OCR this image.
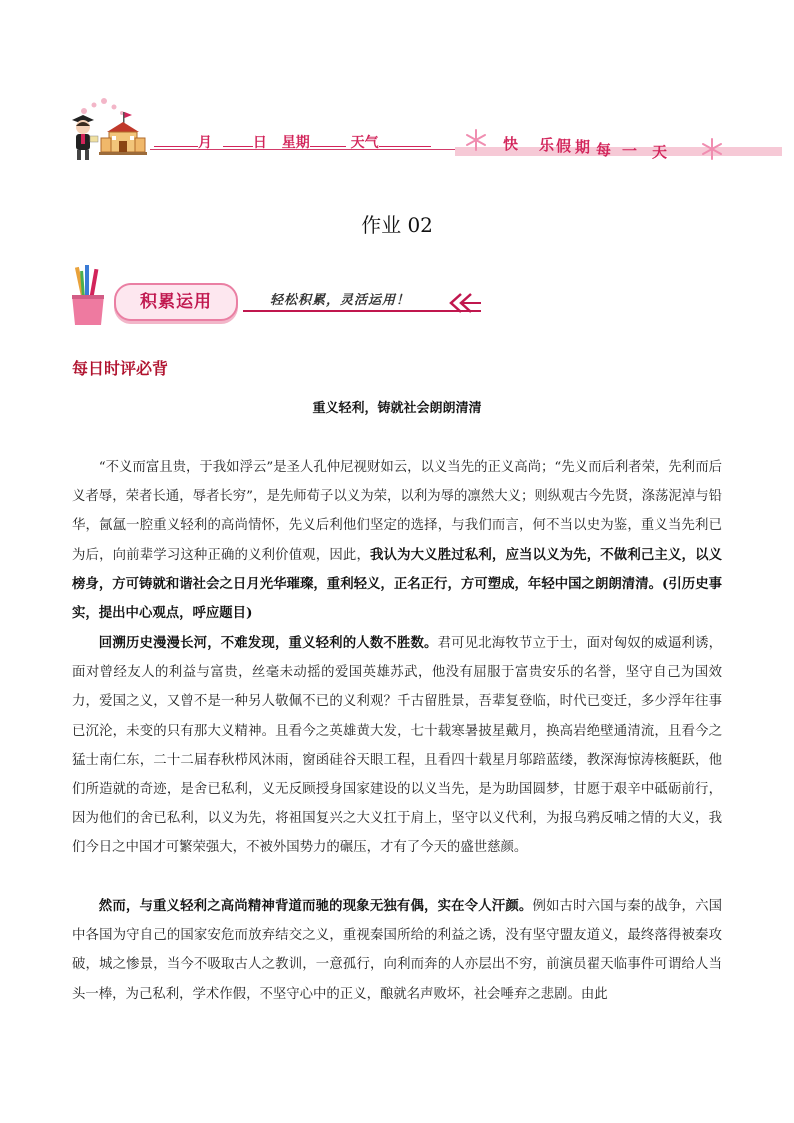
月	日 星期	天气	快 乐 假 期 每 一 天
作业 02
积累运用	轻松积累，灵活运用！
每日时评必背
重义轻利，铸就社会朗朗清清

“不义而富且贵，于我如浮云”是圣人孔仲尼视财如云，以义当先的正义高尚；“先义而后利者荣，先利而后义者辱，荣者长通，辱者长穷”，是先师荀子以义为荣，以利为辱的凛然大义；则纵观古今先贤，涤荡泥淖与铅华，氤氲一腔重义轻利的高尚情怀，先义后利他们坚定的选择，与我们而言，何不当以史为鉴，重义当先利已为后，向前辈学习这种正确的义利价值观，因此，我认为大义胜过私利，应当以义为先，不做利己主义，以义榜身，方可铸就和谐社会之日月光华璀璨，重利轻义，正名正行，方可塑成，年轻中国之朗朗清清。(引历史事实，提出中心观点，呼应题目)

回溯历史漫漫长河，不难发现，重义轻利的人数不胜数。君可见北海牧节立于士，面对匈奴的威逼利诱，面对曾经友人的利益与富贵，丝毫未动摇的爱国英雄苏武，他没有屈服于富贵安乐的名誉，坚守自己为国效力，爱国之义，又曾不是一种另人敬佩不已的义利观？千古留胜景，吾辈复登临，时代已变迁，多少浮年往事已沉沦，未变的只有那大义精神。且看今之英雄黄大发，七十载寒暑披星戴月，换高岩绝壁通清流，且看今之猛士南仁东，二十二届春秋栉风沐雨，窗函硅谷天眼工程，且看四十载星月邬踣蓝缕，教深海惊涛核艇跃，他们所造就的奇迹，是舍已私利，义无反顾授身国家建设的以义当先，是为助国圆梦，甘愿于艰辛中砥砺前行，因为他们的舍已私利，以义为先，将祖国复兴之大义扛于肩上，坚守以义代利，为报乌鸦反哺之情的大义，我们今日之中国才可繁荣强大，不被外国势力的碾压，才有了今天的盛世慈颜。

然而，与重义轻利之高尚精神背道而驰的现象无独有偶，实在令人汗颜。例如古时六国与秦的战争，六国中各国为守自己的国家安危而放弃结交之义，重视秦国所给的利益之诱，没有坚守盟友道义，最终落得被秦攻破，城之惨景，当今不吸取古人之教训，一意孤行，向利而奔的人亦层出不穷，前演员翟天临事件可谓给人当头一棒，为己私利，学术作假，不坚守心中的正义，酿就名声败坏，社会唾弃之悲剧。由此
